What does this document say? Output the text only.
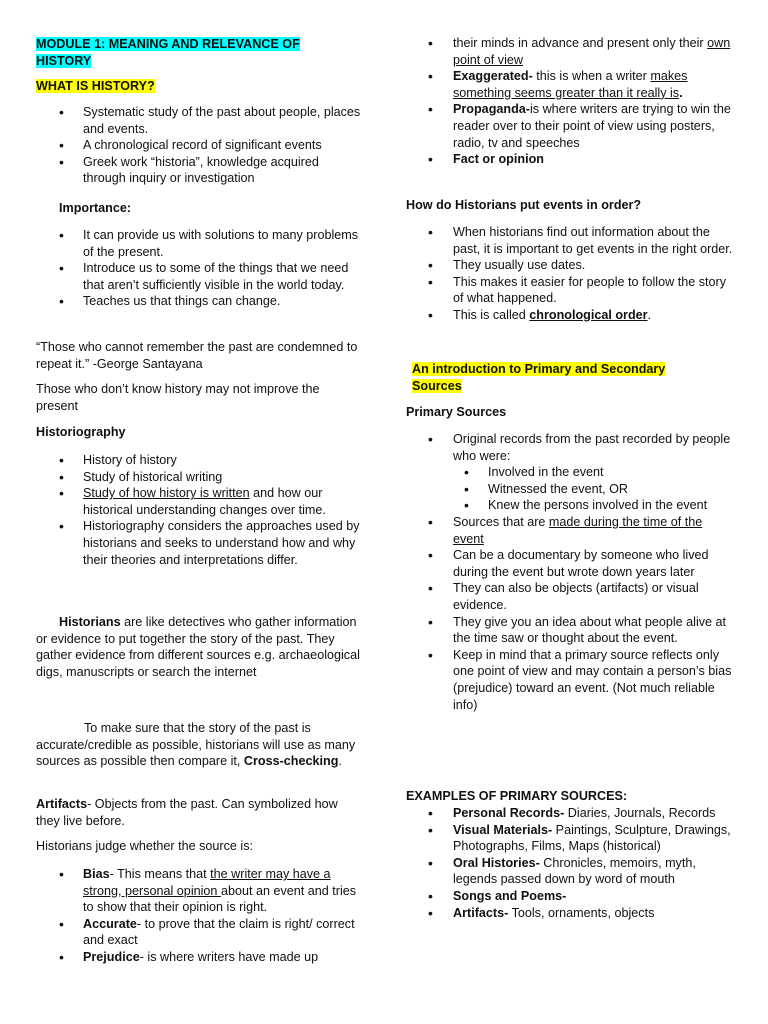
MODULE 1: MEANING AND RELEVANCE OF
HISTORY

WHAT IS HISTORY?

• Systematic study of the past about people, places and events.
• A chronological record of significant events
• Greek work “historia”, knowledge acquired through inquiry or investigation

Importance:

• It can provide us with solutions to many problems of the present.
• Introduce us to some of the things that we need that aren’t sufficiently visible in the world today.
• Teaches us that things can change.

“Those who cannot remember the past are condemned to repeat it.” -George Santayana

Those who don’t know history may not improve the present

Historiography

• History of history
• Study of historical writing
• Study of how history is written and how our historical understanding changes over time.
• Historiography considers the approaches used by historians and seeks to understand how and why their theories and interpretations differ.

Historians are like detectives who gather information or evidence to put together the story of the past. They gather evidence from different sources e.g. archaeological digs, manuscripts or search the internet

To make sure that the story of the past is accurate/credible as possible, historians will use as many sources as possible then compare it, Cross-checking.

Artifacts- Objects from the past. Can symbolized how they live before.

Historians judge whether the source is:

• Bias- This means that the writer may have a strong, personal opinion about an event and tries to show that their opinion is right.
• Accurate- to prove that the claim is right/ correct and exact
• Prejudice- is where writers have made up
• their minds in advance and present only their own point of view
• Exaggerated- this is when a writer makes something seems greater than it really is.
• Propaganda-is where writers are trying to win the reader over to their point of view using posters, radio, tv and speeches
• Fact or opinion

How do Historians put events in order?

• When historians find out information about the past, it is important to get events in the right order.
• They usually use dates.
• This makes it easier for people to follow the story of what happened.
• This is called chronological order.

An introduction to Primary and Secondary
Sources

Primary Sources

• Original records from the past recorded by people who were:
• Involved in the event
• Witnessed the event, OR
• Knew the persons involved in the event
• Sources that are made during the time of the event
• Can be a documentary by someone who lived during the event but wrote down years later
• They can also be objects (artifacts) or visual evidence.
• They give you an idea about what people alive at the time saw or thought about the event.
• Keep in mind that a primary source reflects only one point of view and may contain a person’s bias (prejudice) toward an event. (Not much reliable info)

EXAMPLES OF PRIMARY SOURCES:

• Personal Records- Diaries, Journals, Records
• Visual Materials- Paintings, Sculpture, Drawings, Photographs, Films, Maps (historical)
• Oral Histories- Chronicles, memoirs, myth, legends passed down by word of mouth
• Songs and Poems-
• Artifacts- Tools, ornaments, objects
